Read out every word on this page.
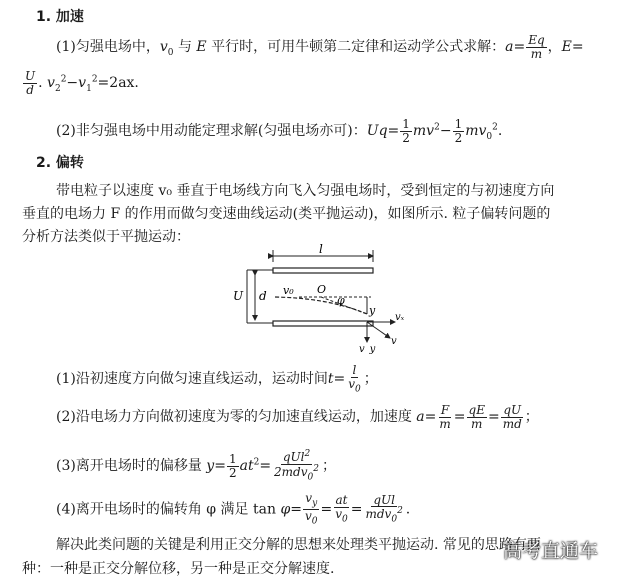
1. 加速
(1)匀强电场中，$v_0$ 与 E 平行时，可用牛顿第二定律和运动学公式求解：$a= \frac{Eq}{m}$ ，E=
$\frac{U}{d}$ . $v_2^2-v_1^2=2ax$.
(2)非匀强电场中用动能定理求解(匀强电场亦可)：$Uq= \frac{1}{2} mv^2- \frac{1}{2} mv_0^2$.
2. 偏转
带电粒子以速度 v₀ 垂直于电场线方向飞入匀强电场时，受到恒定的与初速度方向
垂直的电场力 F 的作用而做匀变速曲线运动(类平抛运动)，如图所示. 粒子偏转问题的
分析方法类似于平抛运动：
l
U d v₀ O
φ
y
vₓ
v_y
v
(1)沿初速度方向做匀速直线运动，运动时间$t= \frac{l}{v_0}$ ；
(2)沿电场力方向做初速度为零的匀加速直线运动，加速度 $a= \frac{F}{m} = \frac{qE}{m} = \frac{qU}{md}$ ；
(3)离开电场时的偏移量 $y= \frac{1}{2} at^2= \frac{qUl^2}{2mdv_0^2}$ ；
(4)离开电场时的偏转角 φ 满足 $\tan \varphi= \frac{v_y}{v_0} = \frac{at}{v_0} = \frac{\text{qUl}}{mdv_0^2}$ .
解决此类问题的关键是利用正交分解的思想来处理类平抛运动. 常见的思路有两
种：一种是正交分解位移，另一种是正交分解速度.
高考直通车
